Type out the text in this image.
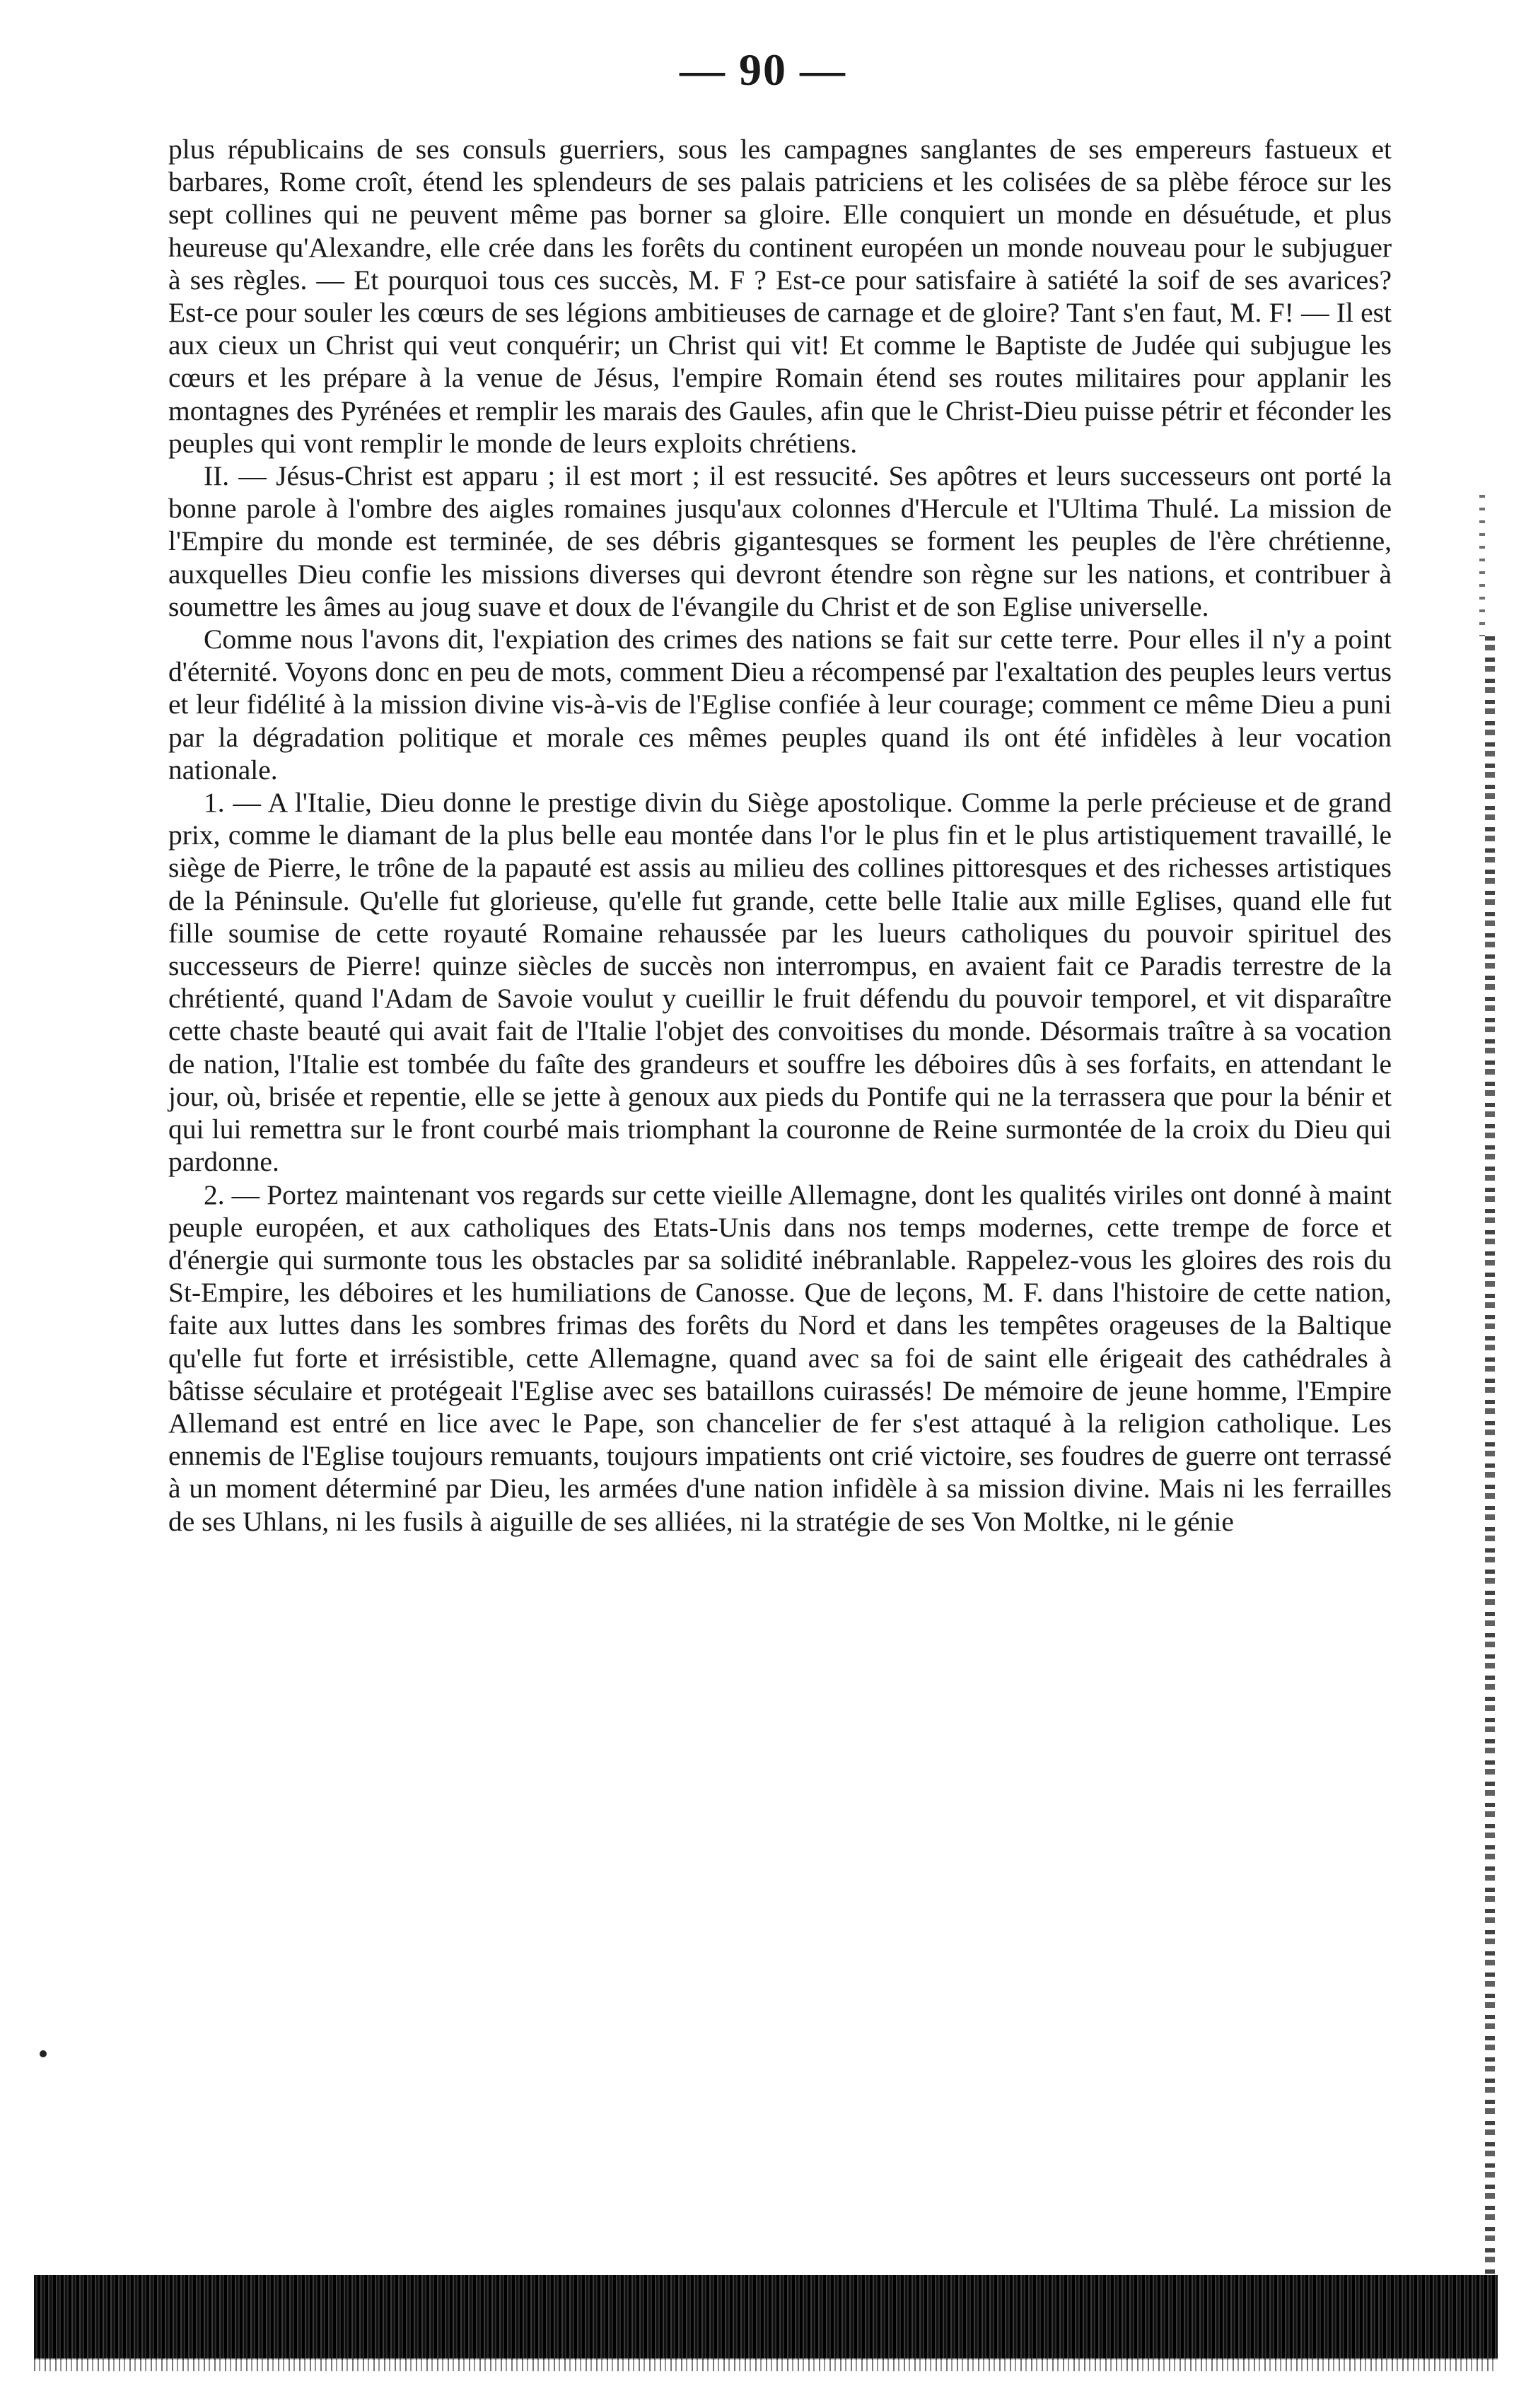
— 90 —

plus républicains de ses consuls guerriers, sous les campagnes sanglantes de ses empereurs fastueux et barbares, Rome croît, étend les splendeurs de ses palais patriciens et les colisées de sa plèbe féroce sur les sept collines qui ne peuvent même pas borner sa gloire. Elle conquiert un monde en désuétude, et plus heureuse qu'Alexandre, elle crée dans les forêts du continent européen un monde nouveau pour le subjuguer à ses règles. — Et pourquoi tous ces succès, M. F ? Est-ce pour satisfaire à satiété la soif de ses avarices? Est-ce pour souler les cœurs de ses légions ambitieuses de carnage et de gloire? Tant s'en faut, M. F! — Il est aux cieux un Christ qui veut conquérir; un Christ qui vit! Et comme le Baptiste de Judée qui subjugue les cœurs et les prépare à la venue de Jésus, l'empire Romain étend ses routes militaires pour applanir les montagnes des Pyrénées et remplir les marais des Gaules, afin que le Christ-Dieu puisse pétrir et féconder les peuples qui vont remplir le monde de leurs exploits chrétiens.

II. — Jésus-Christ est apparu ; il est mort ; il est ressucité. Ses apôtres et leurs successeurs ont porté la bonne parole à l'ombre des aigles romaines jusqu'aux colonnes d'Hercule et l'Ultima Thulé. La mission de l'Empire du monde est terminée, de ses débris gigantesques se forment les peuples de l'ère chrétienne, auxquelles Dieu confie les missions diverses qui devront étendre son règne sur les nations, et contribuer à soumettre les âmes au joug suave et doux de l'évangile du Christ et de son Eglise universelle.

Comme nous l'avons dit, l'expiation des crimes des nations se fait sur cette terre. Pour elles il n'y a point d'éternité. Voyons donc en peu de mots, comment Dieu a récompensé par l'exaltation des peuples leurs vertus et leur fidélité à la mission divine vis-à-vis de l'Eglise confiée à leur courage; comment ce même Dieu a puni par la dégradation politique et morale ces mêmes peuples quand ils ont été infidèles à leur vocation nationale.

1. — A l'Italie, Dieu donne le prestige divin du Siège apostolique. Comme la perle précieuse et de grand prix, comme le diamant de la plus belle eau montée dans l'or le plus fin et le plus artistiquement travaillé, le siège de Pierre, le trône de la papauté est assis au milieu des collines pittoresques et des richesses artistiques de la Péninsule. Qu'elle fut glorieuse, qu'elle fut grande, cette belle Italie aux mille Eglises, quand elle fut fille soumise de cette royauté Romaine rehaussée par les lueurs catholiques du pouvoir spirituel des successeurs de Pierre! quinze siècles de succès non interrompus, en avaient fait ce Paradis terrestre de la chrétienté, quand l'Adam de Savoie voulut y cueillir le fruit défendu du pouvoir temporel, et vit disparaître cette chaste beauté qui avait fait de l'Italie l'objet des convoitises du monde. Désormais traître à sa vocation de nation, l'Italie est tombée du faîte des grandeurs et souffre les déboires dûs à ses forfaits, en attendant le jour, où, brisée et repentie, elle se jette à genoux aux pieds du Pontife qui ne la terrassera que pour la bénir et qui lui remettra sur le front courbé mais triomphant la couronne de Reine surmontée de la croix du Dieu qui pardonne.

2. — Portez maintenant vos regards sur cette vieille Allemagne, dont les qualités viriles ont donné à maint peuple européen, et aux catholiques des Etats-Unis dans nos temps modernes, cette trempe de force et d'énergie qui surmonte tous les obstacles par sa solidité inébranlable. Rappelez-vous les gloires des rois du St-Empire, les déboires et les humiliations de Canosse. Que de leçons, M. F. dans l'histoire de cette nation, faite aux luttes dans les sombres frimas des forêts du Nord et dans les tempêtes orageuses de la Baltique qu'elle fut forte et irrésistible, cette Allemagne, quand avec sa foi de saint elle érigeait des cathédrales à bâtisse séculaire et protégeait l'Eglise avec ses bataillons cuirassés! De mémoire de jeune homme, l'Empire Allemand est entré en lice avec le Pape, son chancelier de fer s'est attaqué à la religion catholique. Les ennemis de l'Eglise toujours remuants, toujours impatients ont crié victoire, ses foudres de guerre ont terrassé à un moment déterminé par Dieu, les armées d'une nation infidèle à sa mission divine. Mais ni les ferrailles de ses Uhlans, ni les fusils à aiguille de ses alliées, ni la stratégie de ses Von Moltke, ni le génie
